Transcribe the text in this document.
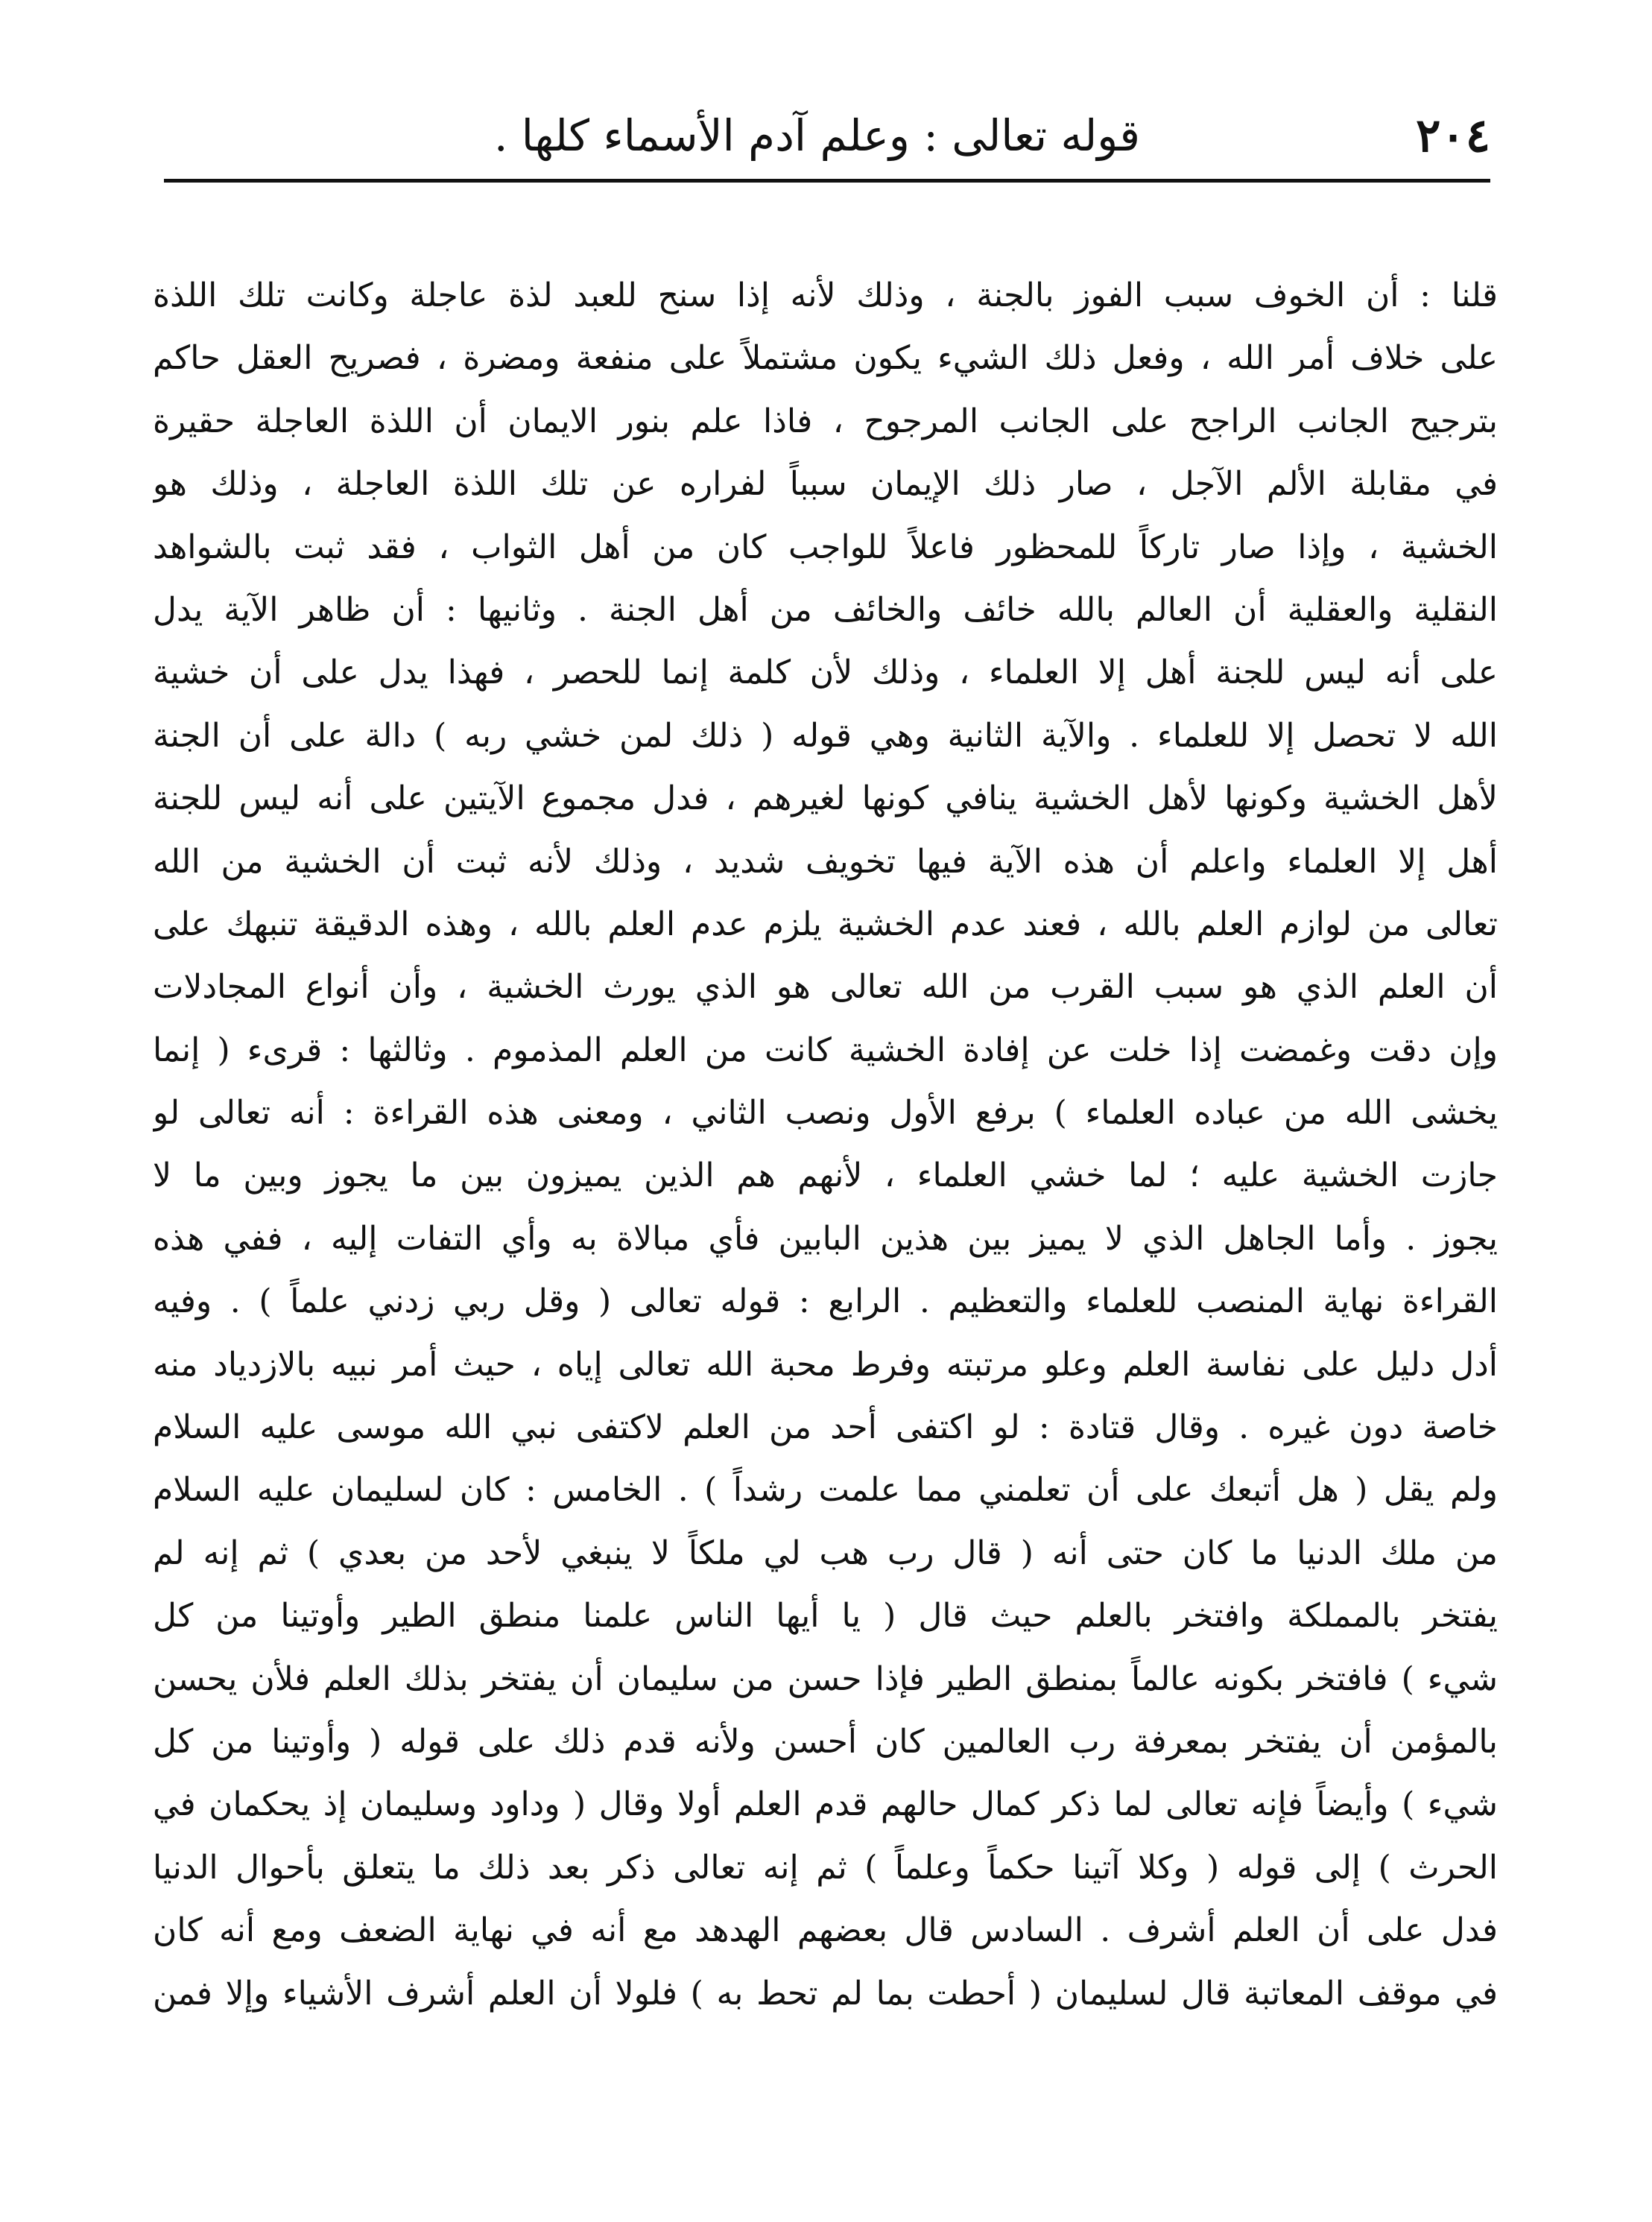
٢٠٤
قوله تعالى : وعلم آدم الأسماء كلها .
قلنا : أن الخوف سبب الفوز بالجنة ، وذلك لأنه إذا سنح للعبد لذة عاجلة وكانت تلك اللذة
على خلاف أمر الله ، وفعل ذلك الشيء يكون مشتملاً على منفعة ومضرة ، فصريح العقل حاكم
بترجيح الجانب الراجح على الجانب المرجوح ، فاذا علم بنور الايمان أن اللذة العاجلة حقيرة
في مقابلة الألم الآجل ، صار ذلك الإيمان سبباً لفراره عن تلك اللذة العاجلة ، وذلك هو
الخشية ، وإذا صار تاركاً للمحظور فاعلاً للواجب كان من أهل الثواب ، فقد ثبت بالشواهد
النقلية والعقلية أن العالم بالله خائف والخائف من أهل الجنة . وثانيها : أن ظاهر الآية يدل
على أنه ليس للجنة أهل إلا العلماء ، وذلك لأن كلمة إنما للحصر ، فهذا يدل على أن خشية
الله لا تحصل إلا للعلماء . والآية الثانية وهي قوله ( ذلك لمن خشي ربه ) دالة على أن الجنة
لأهل الخشية وكونها لأهل الخشية ينافي كونها لغيرهم ، فدل مجموع الآيتين على أنه ليس للجنة
أهل إلا العلماء واعلم أن هذه الآية فيها تخويف شديد ، وذلك لأنه ثبت أن الخشية من الله
تعالى من لوازم العلم بالله ، فعند عدم الخشية يلزم عدم العلم بالله ، وهذه الدقيقة تنبهك على
أن العلم الذي هو سبب القرب من الله تعالى هو الذي يورث الخشية ، وأن أنواع المجادلات
وإن دقت وغمضت إذا خلت عن إفادة الخشية كانت من العلم المذموم . وثالثها : قرىء ( إنما
يخشى الله من عباده العلماء ) برفع الأول ونصب الثاني ، ومعنى هذه القراءة : أنه تعالى لو
جازت الخشية عليه ؛ لما خشي العلماء ، لأنهم هم الذين يميزون بين ما يجوز وبين ما لا
يجوز . وأما الجاهل الذي لا يميز بين هذين البابين فأي مبالاة به وأي التفات إليه ، ففي هذه
القراءة نهاية المنصب للعلماء والتعظيم . الرابع : قوله تعالى ( وقل ربي زدني علماً ) . وفيه
أدل دليل على نفاسة العلم وعلو مرتبته وفرط محبة الله تعالى إياه ، حيث أمر نبيه بالازدياد منه
خاصة دون غيره . وقال قتادة : لو اكتفى أحد من العلم لاكتفى نبي الله موسى عليه السلام
ولم يقل ( هل أتبعك على أن تعلمني مما علمت رشداً ) . الخامس : كان لسليمان عليه السلام
من ملك الدنيا ما كان حتى أنه ( قال رب هب لي ملكاً لا ينبغي لأحد من بعدي ) ثم إنه لم
يفتخر بالمملكة وافتخر بالعلم حيث قال ( يا أيها الناس علمنا منطق الطير وأوتينا من كل
شيء ) فافتخر بكونه عالماً بمنطق الطير فإذا حسن من سليمان أن يفتخر بذلك العلم فلأن يحسن
بالمؤمن أن يفتخر بمعرفة رب العالمين كان أحسن ولأنه قدم ذلك على قوله ( وأوتينا من كل
شيء ) وأيضاً فإنه تعالى لما ذكر كمال حالهم قدم العلم أولا وقال ( وداود وسليمان إذ يحكمان في
الحرث ) إلى قوله ( وكلا آتينا حكماً وعلماً ) ثم إنه تعالى ذكر بعد ذلك ما يتعلق بأحوال الدنيا
فدل على أن العلم أشرف . السادس قال بعضهم الهدهد مع أنه في نهاية الضعف ومع أنه كان
في موقف المعاتبة قال لسليمان ( أحطت بما لم تحط به ) فلولا أن العلم أشرف الأشياء وإلا فمن
